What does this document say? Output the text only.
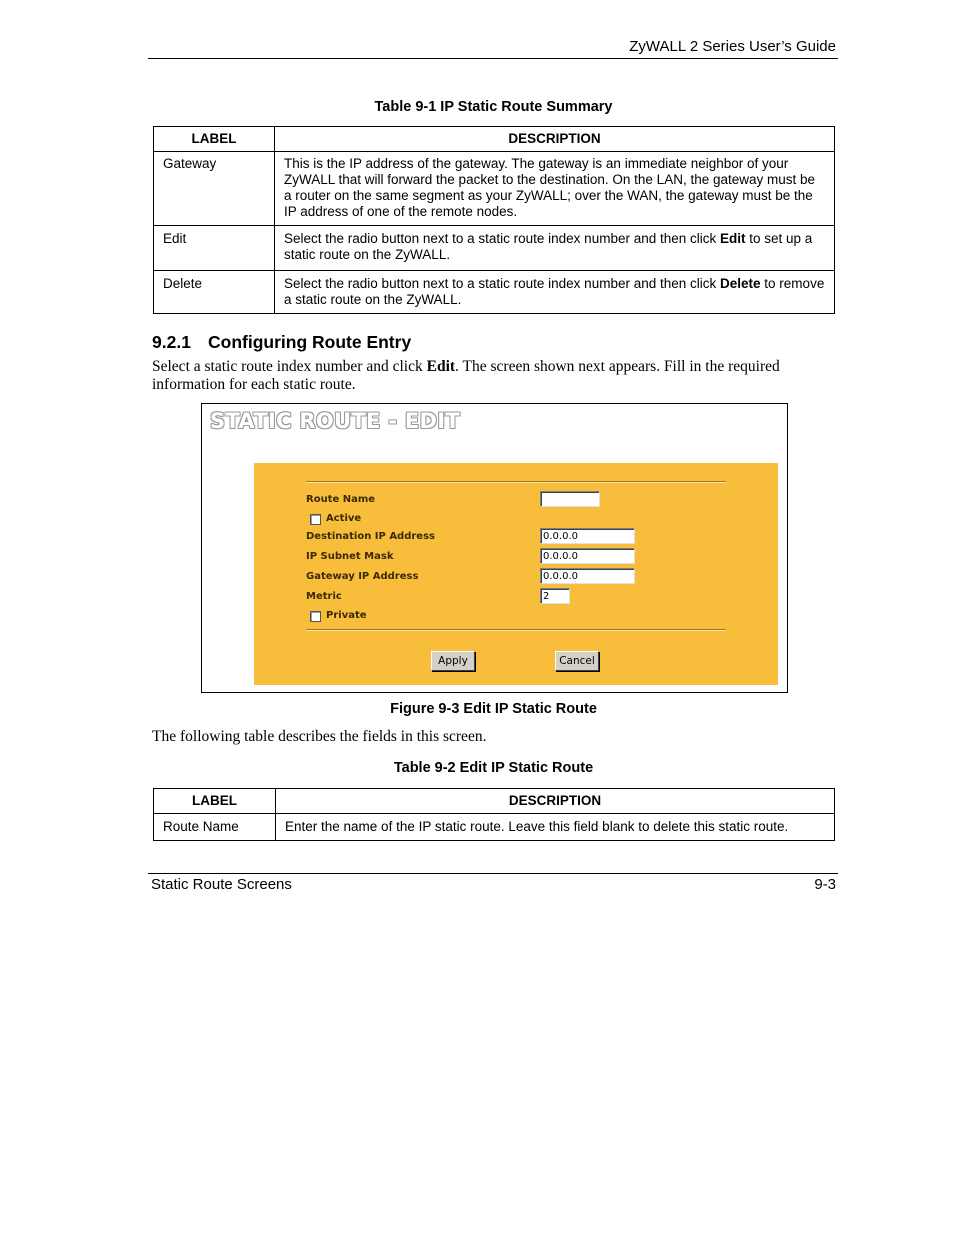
ZyWALL 2 Series User’s Guide
Table 9-1 IP Static Route Summary
LABEL	DESCRIPTION
Gateway	This is the IP address of the gateway. The gateway is an immediate neighbor of your ZyWALL that will forward the packet to the destination. On the LAN, the gateway must be a router on the same segment as your ZyWALL; over the WAN, the gateway must be the IP address of one of the remote nodes.
Edit	Select the radio button next to a static route index number and then click Edit to set up a static route on the ZyWALL.
Delete	Select the radio button next to a static route index number and then click Delete to remove a static route on the ZyWALL.
9.2.1 Configuring Route Entry
Select a static route index number and click Edit. The screen shown next appears. Fill in the required information for each static route.
STATIC ROUTE - EDIT
Route Name
Active
Destination IP Address	0.0.0.0
IP Subnet Mask	0.0.0.0
Gateway IP Address	0.0.0.0
Metric	2
Private
Apply	Cancel
Figure 9-3 Edit IP Static Route
The following table describes the fields in this screen.
Table 9-2 Edit IP Static Route
LABEL	DESCRIPTION
Route Name	Enter the name of the IP static route. Leave this field blank to delete this static route.
Static Route Screens	9-3
